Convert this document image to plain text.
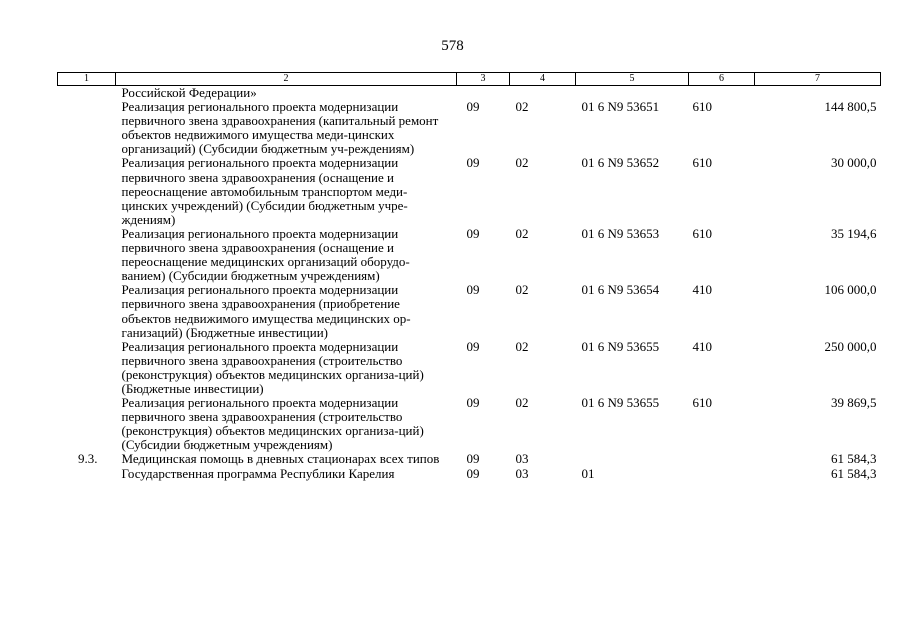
578
1	2	3	4	5	6	7
	Российской Федерации»					
	Реализация регионального проекта модернизации первичного звена здравоохранения (капитальный ремонт объектов недвижимого имущества меди-цинских организаций) (Субсидии бюджетным уч-реждениям)	09	02	01 6 N9 53651	610	144 800,5
	Реализация регионального проекта модернизации первичного звена здравоохранения (оснащение и переоснащение автомобильным транспортом меди-цинских учреждений) (Субсидии бюджетным учре-ждениям)	09	02	01 6 N9 53652	610	30 000,0
	Реализация регионального проекта модернизации первичного звена здравоохранения (оснащение и переоснащение медицинских организаций оборудо-ванием) (Субсидии бюджетным учреждениям)	09	02	01 6 N9 53653	610	35 194,6
	Реализация регионального проекта модернизации первичного звена здравоохранения (приобретение объектов недвижимого имущества медицинских ор-ганизаций) (Бюджетные инвестиции)	09	02	01 6 N9 53654	410	106 000,0
	Реализация регионального проекта модернизации первичного звена здравоохранения (строительство (реконструкция) объектов медицинских организа-ций) (Бюджетные инвестиции)	09	02	01 6 N9 53655	410	250 000,0
	Реализация регионального проекта модернизации первичного звена здравоохранения (строительство (реконструкция) объектов медицинских организа-ций) (Субсидии бюджетным учреждениям)	09	02	01 6 N9 53655	610	39 869,5
9.3.	Медицинская помощь в дневных стационарах всех типов	09	03			61 584,3
	Государственная программа Республики Карелия	09	03	01		61 584,3
